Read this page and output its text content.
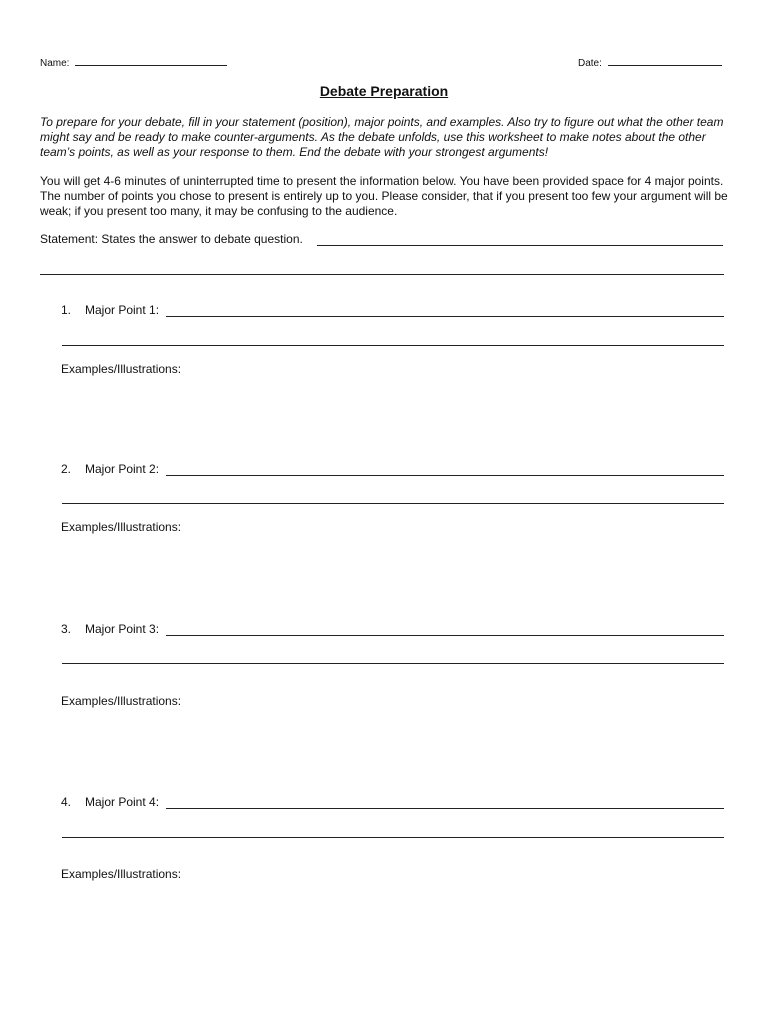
Name:	Date:
Debate Preparation
To prepare for your debate, fill in your statement (position), major points, and examples. Also try to figure out what the other team might say and be ready to make counter-arguments. As the debate unfolds, use this worksheet to make notes about the other team’s points, as well as your response to them. End the debate with your strongest arguments!
You will get 4-6 minutes of uninterrupted time to present the information below. You have been provided space for 4 major points. The number of points you chose to present is entirely up to you. Please consider, that if you present too few your argument will be weak; if you present too many, it may be confusing to the audience.
Statement: States the answer to debate question.
1. Major Point 1:
Examples/Illustrations:
2. Major Point 2:
Examples/Illustrations:
3. Major Point 3:
Examples/Illustrations:
4. Major Point 4:
Examples/Illustrations:
